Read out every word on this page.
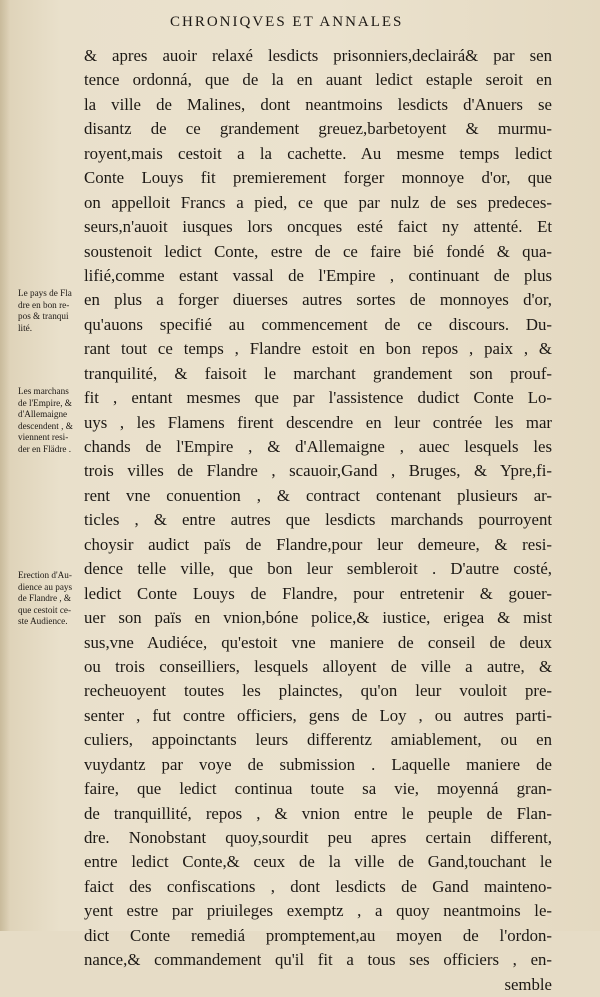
CHRONIQVES ET ANNALES
& apres auoir relaxé lesdicts prisonniers,declairá& par sen
tence ordonná, que de la en auant ledict estaple seroit en
la ville de Malines, dont neantmoins lesdicts d'Anuers se
disantz de ce grandement greuez,barbetoyent & murmu-
royent,mais cestoit a la cachette. Au mesme temps ledict
Conte Louys fit premierement forger monnoye d'or, que
on appelloit Francs a pied, ce que par nulz de ses predeces-
seurs,n'auoit iusques lors oncques esté faict ny attenté. Et
soustenoit ledict Conte, estre de ce faire bié fondé & qua-
lifié,comme estant vassal de l'Empire , continuant de plus
en plus a forger diuerses autres sortes de monnoyes d'or,
qu'auons specifié au commencement de ce discours. Du-
rant tout ce temps , Flandre estoit en bon repos , paix , &
tranquilité, & faisoit le marchant grandement son prouf-
fit , entant mesmes que par l'assistence dudict Conte Lo-
uys , les Flamens firent descendre en leur contrée les mar
chands de l'Empire , & d'Allemaigne , auec lesquels les
trois villes de Flandre , scauoir,Gand , Bruges, & Ypre,fi-
rent vne conuention , & contract contenant plusieurs ar-
ticles , & entre autres que lesdicts marchands pourroyent
choysir audict païs de Flandre,pour leur demeure, & resi-
dence telle ville, que bon leur sembleroit . D'autre costé,
ledict Conte Louys de Flandre, pour entretenir & gouer-
uer son païs en vnion,bóne police,& iustice, erigea & mist
sus,vne Audiéce, qu'estoit vne maniere de conseil de deux
ou trois conseilliers, lesquels alloyent de ville a autre, &
recheuoyent toutes les plainctes, qu'on leur vouloit pre-
senter , fut contre officiers, gens de Loy , ou autres parti-
culiers, appoinctants leurs differentz amiablement, ou en
vuydantz par voye de submission . Laquelle maniere de
faire, que ledict continua toute sa vie, moyenná gran-
de tranquillité, repos , & vnion entre le peuple de Flan-
dre. Nonobstant quoy,sourdit peu apres certain different,
entre ledict Conte,& ceux de la ville de Gand,touchant le
faict des confiscations , dont lesdicts de Gand mainteno-
yent estre par priuileges exemptz , a quoy neantmoins le-
dict Conte remediá promptement,au moyen de l'ordon-
nance,& commandement qu'il fit a tous ses officiers , en-
semble
Le pays de Fla
dre en bon re-
pos & tranqui
lité.
Les marchans
de l'Empire, &
d'Allemaigne
descendent , &
viennent resi-
der en Flädre .
Erection d'Au-
dience au pays
de Flandre , &
que cestoit ce-
ste Audience.
